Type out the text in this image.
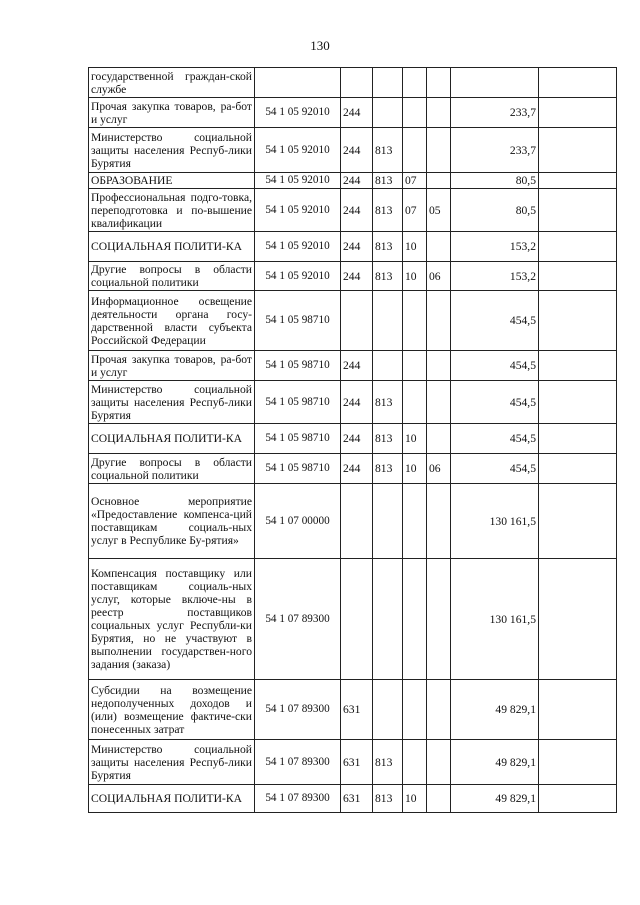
130
государственной граждан-ской службе							
Прочая закупка товаров, ра-бот и услуг	54 1 05 92010	244				233,7	
Министерство социальной защиты населения Респуб-лики Бурятия	54 1 05 92010	244	813			233,7	
ОБРАЗОВАНИЕ	54 1 05 92010	244	813	07		80,5	
Профессиональная подго-товка, переподготовка и по-вышение квалификации	54 1 05 92010	244	813	07	05	80,5	
СОЦИАЛЬНАЯ ПОЛИТИ-КА	54 1 05 92010	244	813	10		153,2	
Другие вопросы в области социальной политики	54 1 05 92010	244	813	10	06	153,2	
Информационное освещение деятельности органа госу-дарственной власти субъекта Российской Федерации	54 1 05 98710					454,5	
Прочая закупка товаров, ра-бот и услуг	54 1 05 98710	244				454,5	
Министерство социальной защиты населения Респуб-лики Бурятия	54 1 05 98710	244	813			454,5	
СОЦИАЛЬНАЯ ПОЛИТИ-КА	54 1 05 98710	244	813	10		454,5	
Другие вопросы в области социальной политики	54 1 05 98710	244	813	10	06	454,5	
Основное мероприятие «Предоставление компенса-ций поставщикам социаль-ных услуг в Республике Бу-рятия»	54 1 07 00000					130 161,5	
Компенсация поставщику или поставщикам социаль-ных услуг, которые включе-ны в реестр поставщиков социальных услуг Республи-ки Бурятия, но не участвуют в выполнении государствен-ного задания (заказа)	54 1 07 89300					130 161,5	
Субсидии на возмещение недополученных доходов и (или) возмещение фактиче-ски понесенных затрат	54 1 07 89300	631				49 829,1	
Министерство социальной защиты населения Респуб-лики Бурятия	54 1 07 89300	631	813			49 829,1	
СОЦИАЛЬНАЯ ПОЛИТИ-КА	54 1 07 89300	631	813	10		49 829,1	
